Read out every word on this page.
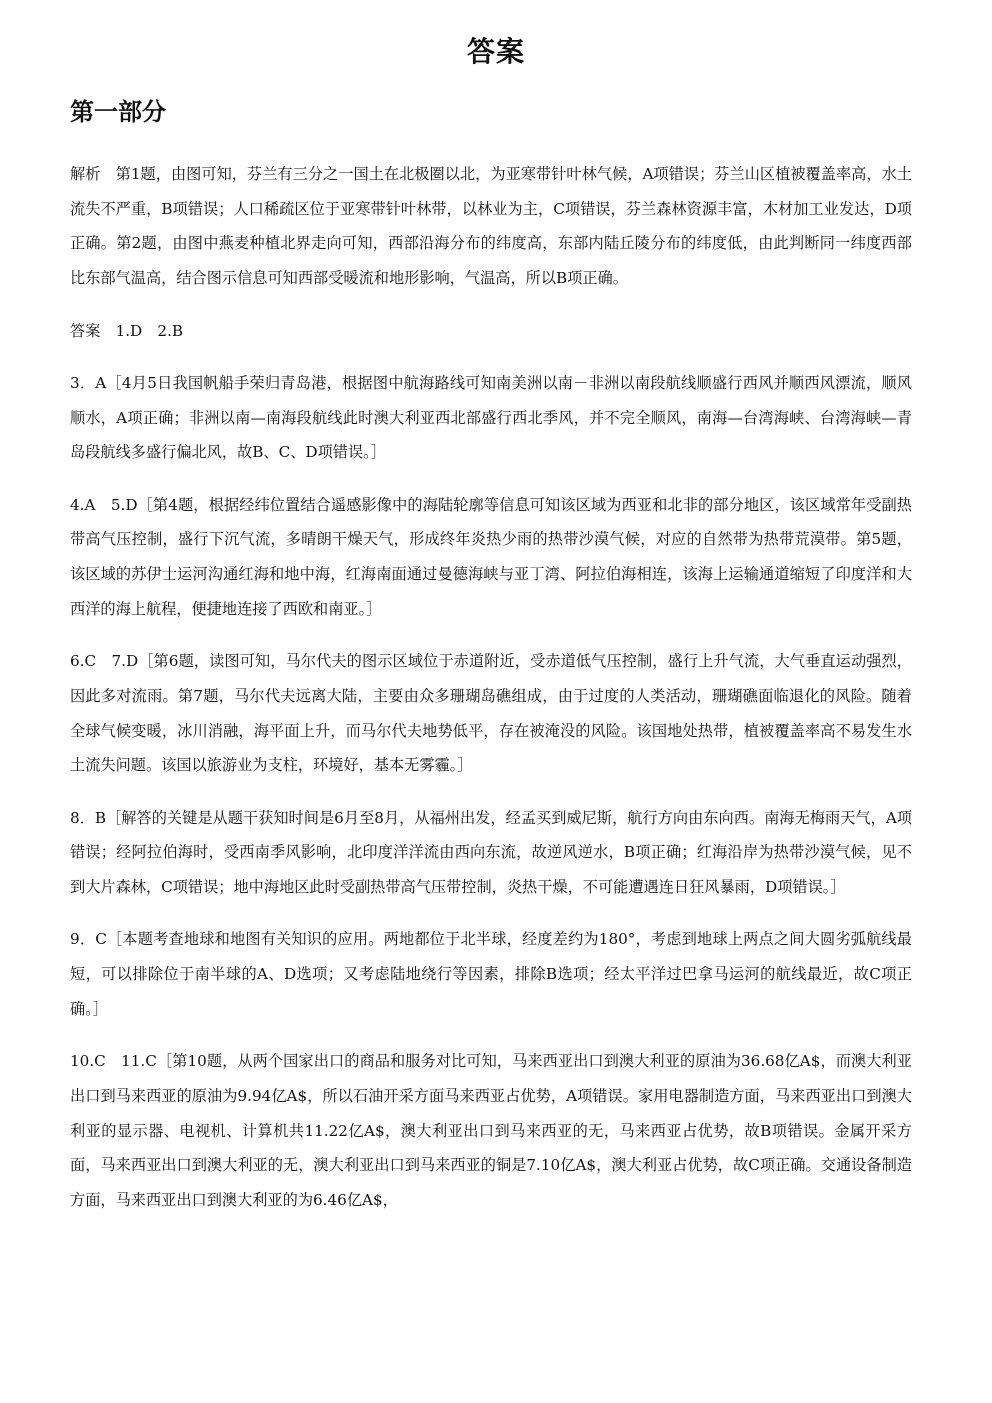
答案
第一部分

解析　第1题，由图可知，芬兰有三分之一国土在北极圈以北，为亚寒带针叶林气候，A项错误；芬兰山区植被覆盖率高，水土流失不严重，B项错误；人口稀疏区位于亚寒带针叶林带，以林业为主，C项错误，芬兰森林资源丰富，木材加工业发达，D项正确。第2题，由图中燕麦种植北界走向可知，西部沿海分布的纬度高，东部内陆丘陵分布的纬度低，由此判断同一纬度西部比东部气温高，结合图示信息可知西部受暖流和地形影响，气温高，所以B项正确。

答案　1.D　2.B

3．A［4月5日我国帆船手荣归青岛港，根据图中航海路线可知南美洲以南－非洲以南段航线顺盛行西风并顺西风漂流，顺风顺水，A项正确；非洲以南—南海段航线此时澳大利亚西北部盛行西北季风，并不完全顺风，南海—台湾海峡、台湾海峡—青岛段航线多盛行偏北风，故B、C、D项错误。］

4.A　5.D［第4题，根据经纬位置结合遥感影像中的海陆轮廓等信息可知该区域为西亚和北非的部分地区，该区域常年受副热带高气压控制，盛行下沉气流，多晴朗干燥天气，形成终年炎热少雨的热带沙漠气候，对应的自然带为热带荒漠带。第5题，该区域的苏伊士运河沟通红海和地中海，红海南面通过曼德海峡与亚丁湾、阿拉伯海相连，该海上运输通道缩短了印度洋和大西洋的海上航程，便捷地连接了西欧和南亚。］

6.C　7.D［第6题，读图可知，马尔代夫的图示区域位于赤道附近，受赤道低气压控制，盛行上升气流，大气垂直运动强烈，因此多对流雨。第7题，马尔代夫远离大陆，主要由众多珊瑚岛礁组成，由于过度的人类活动，珊瑚礁面临退化的风险。随着全球气候变暖，冰川消融，海平面上升，而马尔代夫地势低平，存在被淹没的风险。该国地处热带，植被覆盖率高不易发生水土流失问题。该国以旅游业为支柱，环境好，基本无雾霾。］

8．B［解答的关键是从题干获知时间是6月至8月，从福州出发，经孟买到威尼斯，航行方向由东向西。南海无梅雨天气，A项错误；经阿拉伯海时，受西南季风影响，北印度洋洋流由西向东流，故逆风逆水，B项正确；红海沿岸为热带沙漠气候，见不到大片森林，C项错误；地中海地区此时受副热带高气压带控制，炎热干燥，不可能遭遇连日狂风暴雨，D项错误。］

9．C［本题考查地球和地图有关知识的应用。两地都位于北半球，经度差约为180°，考虑到地球上两点之间大圆劣弧航线最短，可以排除位于南半球的A、D选项；又考虑陆地绕行等因素，排除B选项；经太平洋过巴拿马运河的航线最近，故C项正确。］

10.C　11.C［第10题，从两个国家出口的商品和服务对比可知，马来西亚出口到澳大利亚的原油为36.68亿A$，而澳大利亚出口到马来西亚的原油为9.94亿A$，所以石油开采方面马来西亚占优势，A项错误。家用电器制造方面，马来西亚出口到澳大利亚的显示器、电视机、计算机共11.22亿A$，澳大利亚出口到马来西亚的无，马来西亚占优势，故B项错误。金属开采方面，马来西亚出口到澳大利亚的无，澳大利亚出口到马来西亚的铜是7.10亿A$，澳大利亚占优势，故C项正确。交通设备制造方面，马来西亚出口到澳大利亚的为6.46亿A$，
